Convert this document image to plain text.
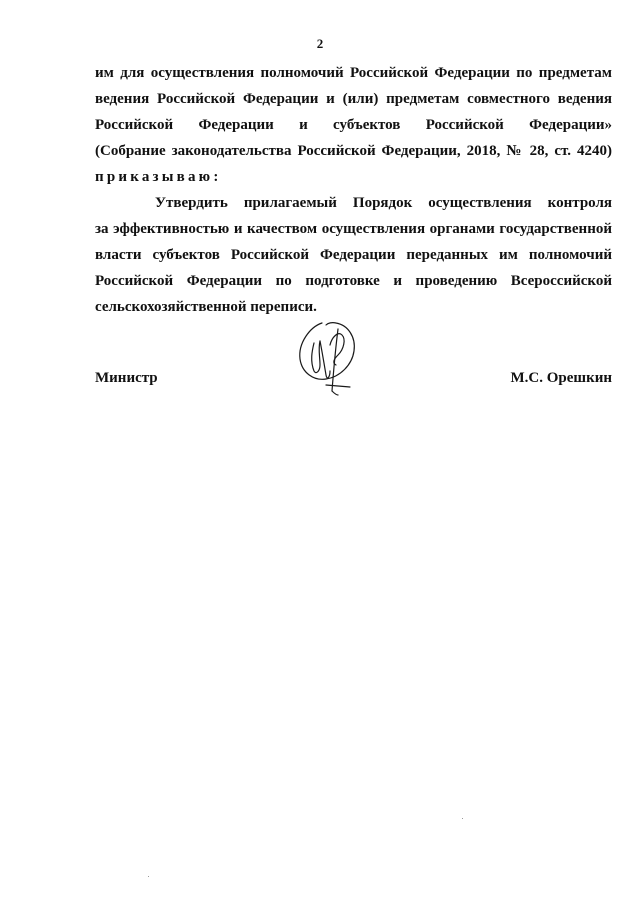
2
им для осуществления полномочий Российской Федерации по предметам
ведения Российской Федерации и (или) предметам совместного ведения
Российской Федерации и субъектов Российской Федерации»
(Собрание законодательства Российской Федерации, 2018, № 28, ст. 4240)
приказываю:
Утвердить прилагаемый Порядок осуществления контроля
за эффективностью и качеством осуществления органами государственной
власти субъектов Российской Федерации переданных им полномочий
Российской Федерации по подготовке и проведению Всероссийской
сельскохозяйственной переписи.
Министр	М.С. Орешкин
